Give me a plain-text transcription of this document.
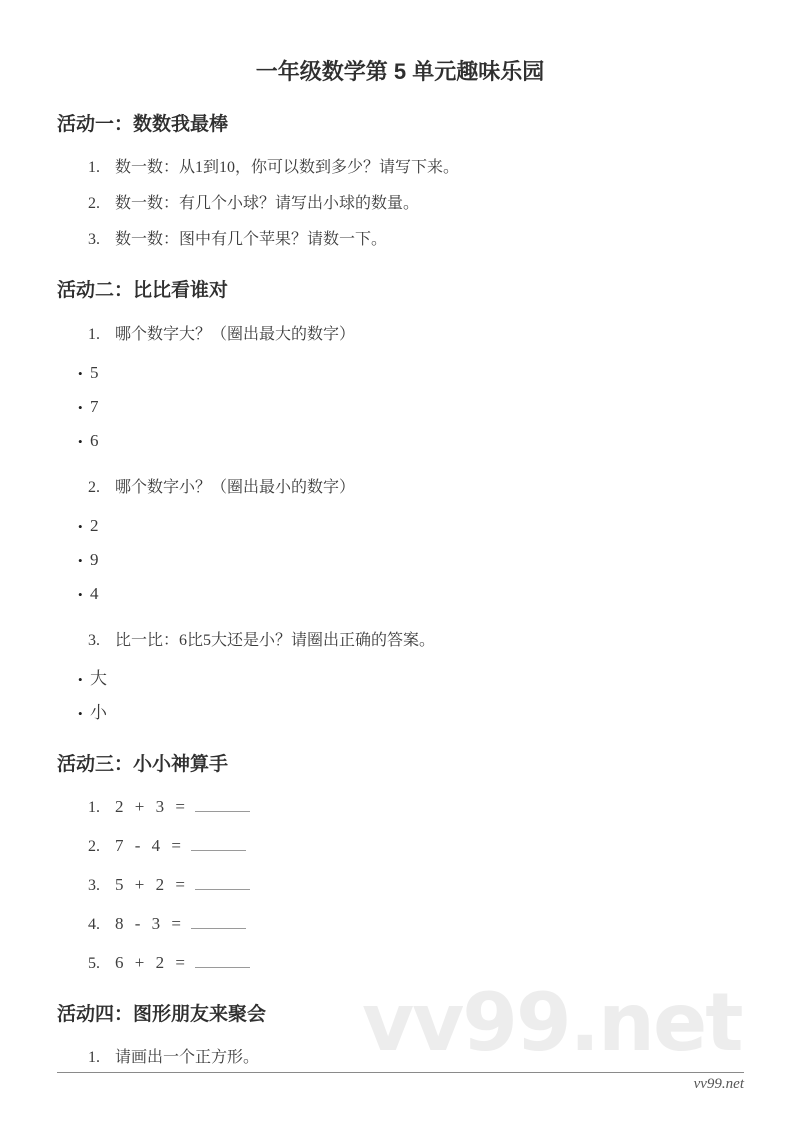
vv99.net
一年级数学第 5 单元趣味乐园
活动一：数数我最棒
1. 数一数：从1到10，你可以数到多少？请写下来。
2. 数一数：有几个小球？请写出小球的数量。
3. 数一数：图中有几个苹果？请数一下。
活动二：比比看谁对
1. 哪个数字大？（圈出最大的数字）
• 5
• 7
• 6
2. 哪个数字小？（圈出最小的数字）
• 2
• 9
• 4
3. 比一比：6比5大还是小？请圈出正确的答案。
• 大
• 小
活动三：小小神算手
1. 2 + 3 =
2. 7 - 4 =
3. 5 + 2 =
4. 8 - 3 =
5. 6 + 2 =
活动四：图形朋友来聚会
1. 请画出一个正方形。
vv99.net
